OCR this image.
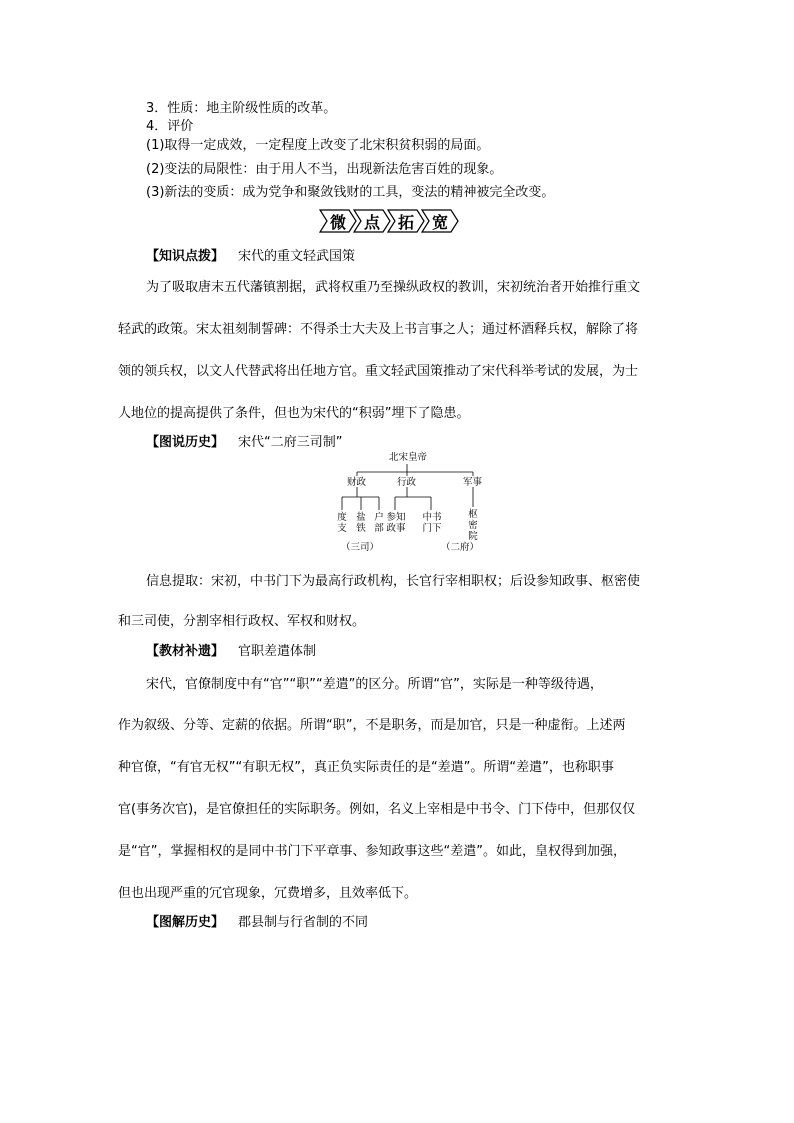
3．性质：地主阶级性质的改革。
4．评价
(1)取得一定成效，一定程度上改变了北宋积贫积弱的局面。
(2)变法的局限性：由于用人不当，出现新法危害百姓的现象。
(3)新法的变质：成为党争和聚敛钱财的工具，变法的精神被完全改变。
微 点 拓 宽
【知识点拨】 宋代的重文轻武国策
为了吸取唐末五代藩镇割据，武将权重乃至操纵政权的教训，宋初统治者开始推行重文
轻武的政策。宋太祖刻制誓碑：不得杀士大夫及上书言事之人；通过杯酒释兵权，解除了将
领的领兵权，以文人代替武将出任地方官。重文轻武国策推动了宋代科举考试的发展，为士
人地位的提高提供了条件，但也为宋代的“积弱”埋下了隐患。
【图说历史】 宋代“二府三司制”
北宋皇帝
财政	行政	军事
度支
盐铁
户部
参知政事
中书门下
枢密院
（三司）	（二府）
信息提取：宋初，中书门下为最高行政机构，长官行宰相职权；后设参知政事、枢密使
和三司使，分割宰相行政权、军权和财权。
【教材补遗】 官职差遣体制
宋代，官僚制度中有“官”“职”“差遣”的区分。所谓“官”，实际是一种等级待遇，
作为叙级、分等、定薪的依据。所谓“职”，不是职务，而是加官，只是一种虚衔。上述两
种官僚，“有官无权”“有职无权”，真正负实际责任的是“差遣”。所谓“差遣”，也称职事
官(事务次官)，是官僚担任的实际职务。例如，名义上宰相是中书令、门下侍中，但那仅仅
是“官”，掌握相权的是同中书门下平章事、参知政事这些“差遣”。如此，皇权得到加强，
但也出现严重的冗官现象，冗费增多，且效率低下。
【图解历史】 郡县制与行省制的不同
